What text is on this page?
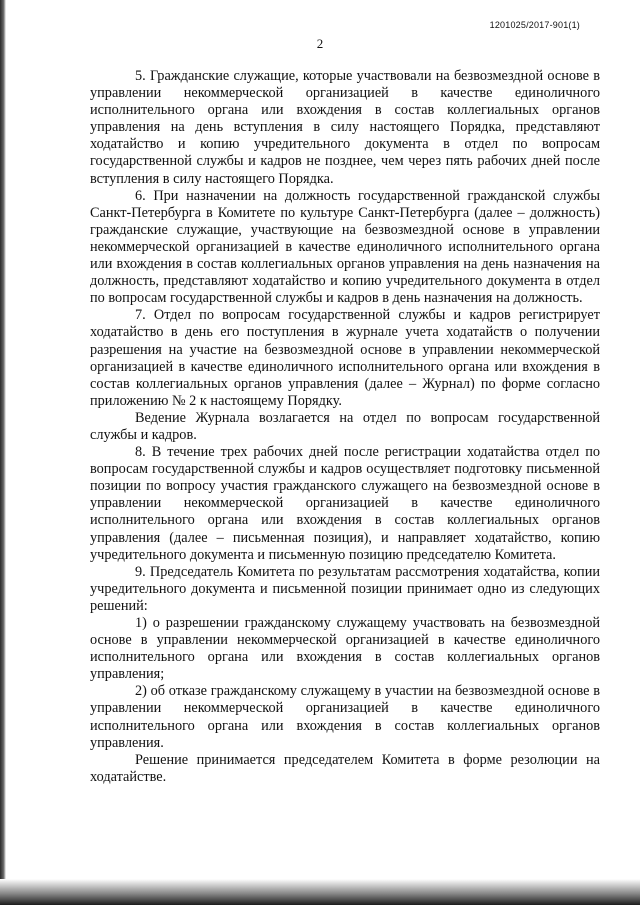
1201025/2017-901(1)
2

5. Гражданские служащие, которые участвовали на безвозмездной основе в управлении некоммерческой организацией в качестве единоличного исполнительного органа или вхождения в состав коллегиальных органов управления на день вступления в силу настоящего Порядка, представляют ходатайство и копию учредительного документа в отдел по вопросам государственной службы и кадров не позднее, чем через пять рабочих дней после вступления в силу настоящего Порядка.

6. При назначении на должность государственной гражданской службы Санкт-Петербурга в Комитете по культуре Санкт-Петербурга (далее – должность) гражданские служащие, участвующие на безвозмездной основе в управлении некоммерческой организацией в качестве единоличного исполнительного органа или вхождения в состав коллегиальных органов управления на день назначения на должность, представляют ходатайство и копию учредительного документа в отдел по вопросам государственной службы и кадров в день назначения на должность.

7. Отдел по вопросам государственной службы и кадров регистрирует ходатайство в день его поступления в журнале учета ходатайств о получении разрешения на участие на безвозмездной основе в управлении некоммерческой организацией в качестве единоличного исполнительного органа или вхождения в состав коллегиальных органов управления (далее – Журнал) по форме согласно приложению № 2 к настоящему Порядку.

Ведение Журнала возлагается на отдел по вопросам государственной службы и кадров.

8. В течение трех рабочих дней после регистрации ходатайства отдел по вопросам государственной службы и кадров осуществляет подготовку письменной позиции по вопросу участия гражданского служащего на безвозмездной основе в управлении некоммерческой организацией в качестве единоличного исполнительного органа или вхождения в состав коллегиальных органов управления (далее – письменная позиция), и направляет ходатайство, копию учредительного документа и письменную позицию председателю Комитета.

9. Председатель Комитета по результатам рассмотрения ходатайства, копии учредительного документа и письменной позиции принимает одно из следующих решений:

1) о разрешении гражданскому служащему участвовать на безвозмездной основе в управлении некоммерческой организацией в качестве единоличного исполнительного органа или вхождения в состав коллегиальных органов управления;

2) об отказе гражданскому служащему в участии на безвозмездной основе в управлении некоммерческой организацией в качестве единоличного исполнительного органа или вхождения в состав коллегиальных органов управления.

Решение принимается председателем Комитета в форме резолюции на ходатайстве.
